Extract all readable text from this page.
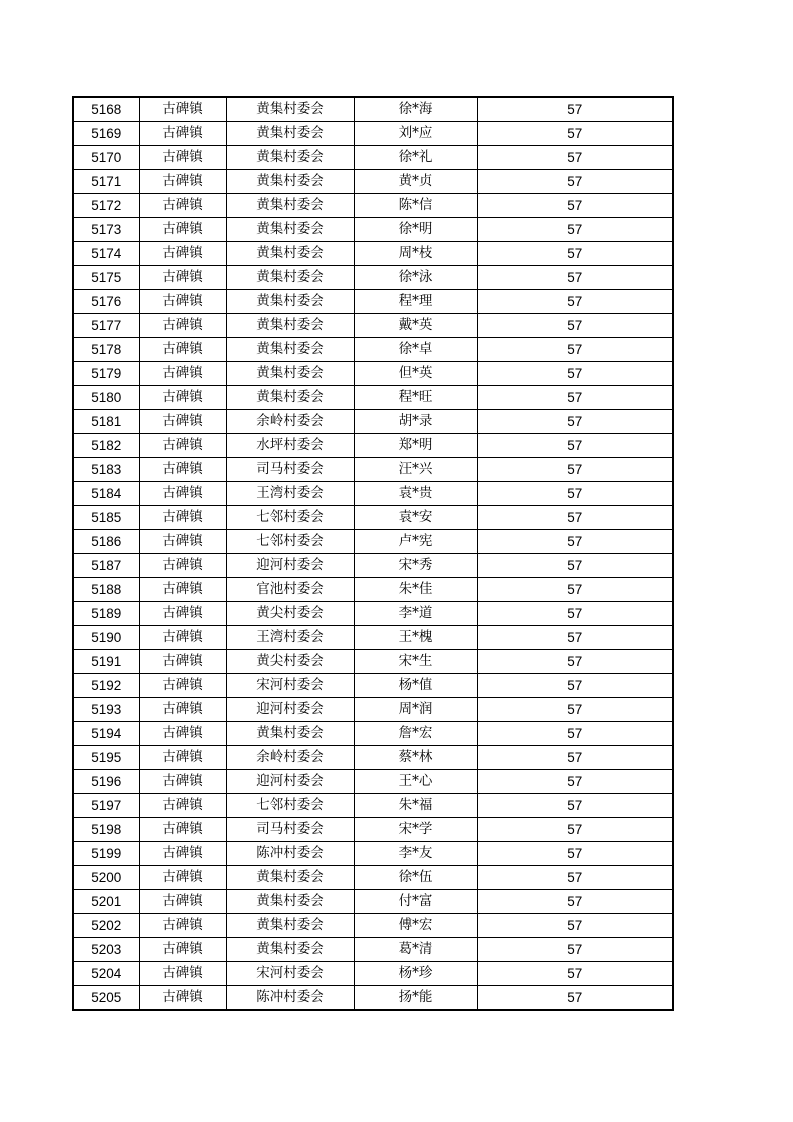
5168	古碑镇	黄集村委会	徐*海	57
5169	古碑镇	黄集村委会	刘*应	57
5170	古碑镇	黄集村委会	徐*礼	57
5171	古碑镇	黄集村委会	黄*贞	57
5172	古碑镇	黄集村委会	陈*信	57
5173	古碑镇	黄集村委会	徐*明	57
5174	古碑镇	黄集村委会	周*枝	57
5175	古碑镇	黄集村委会	徐*泳	57
5176	古碑镇	黄集村委会	程*理	57
5177	古碑镇	黄集村委会	戴*英	57
5178	古碑镇	黄集村委会	徐*卓	57
5179	古碑镇	黄集村委会	但*英	57
5180	古碑镇	黄集村委会	程*旺	57
5181	古碑镇	余岭村委会	胡*录	57
5182	古碑镇	水坪村委会	郑*明	57
5183	古碑镇	司马村委会	汪*兴	57
5184	古碑镇	王湾村委会	袁*贵	57
5185	古碑镇	七邻村委会	袁*安	57
5186	古碑镇	七邻村委会	卢*宪	57
5187	古碑镇	迎河村委会	宋*秀	57
5188	古碑镇	官池村委会	朱*佳	57
5189	古碑镇	黄尖村委会	李*道	57
5190	古碑镇	王湾村委会	王*槐	57
5191	古碑镇	黄尖村委会	宋*生	57
5192	古碑镇	宋河村委会	杨*值	57
5193	古碑镇	迎河村委会	周*润	57
5194	古碑镇	黄集村委会	詹*宏	57
5195	古碑镇	余岭村委会	蔡*林	57
5196	古碑镇	迎河村委会	王*心	57
5197	古碑镇	七邻村委会	朱*福	57
5198	古碑镇	司马村委会	宋*学	57
5199	古碑镇	陈冲村委会	李*友	57
5200	古碑镇	黄集村委会	徐*伍	57
5201	古碑镇	黄集村委会	付*富	57
5202	古碑镇	黄集村委会	傅*宏	57
5203	古碑镇	黄集村委会	葛*清	57
5204	古碑镇	宋河村委会	杨*珍	57
5205	古碑镇	陈冲村委会	扬*能	57
